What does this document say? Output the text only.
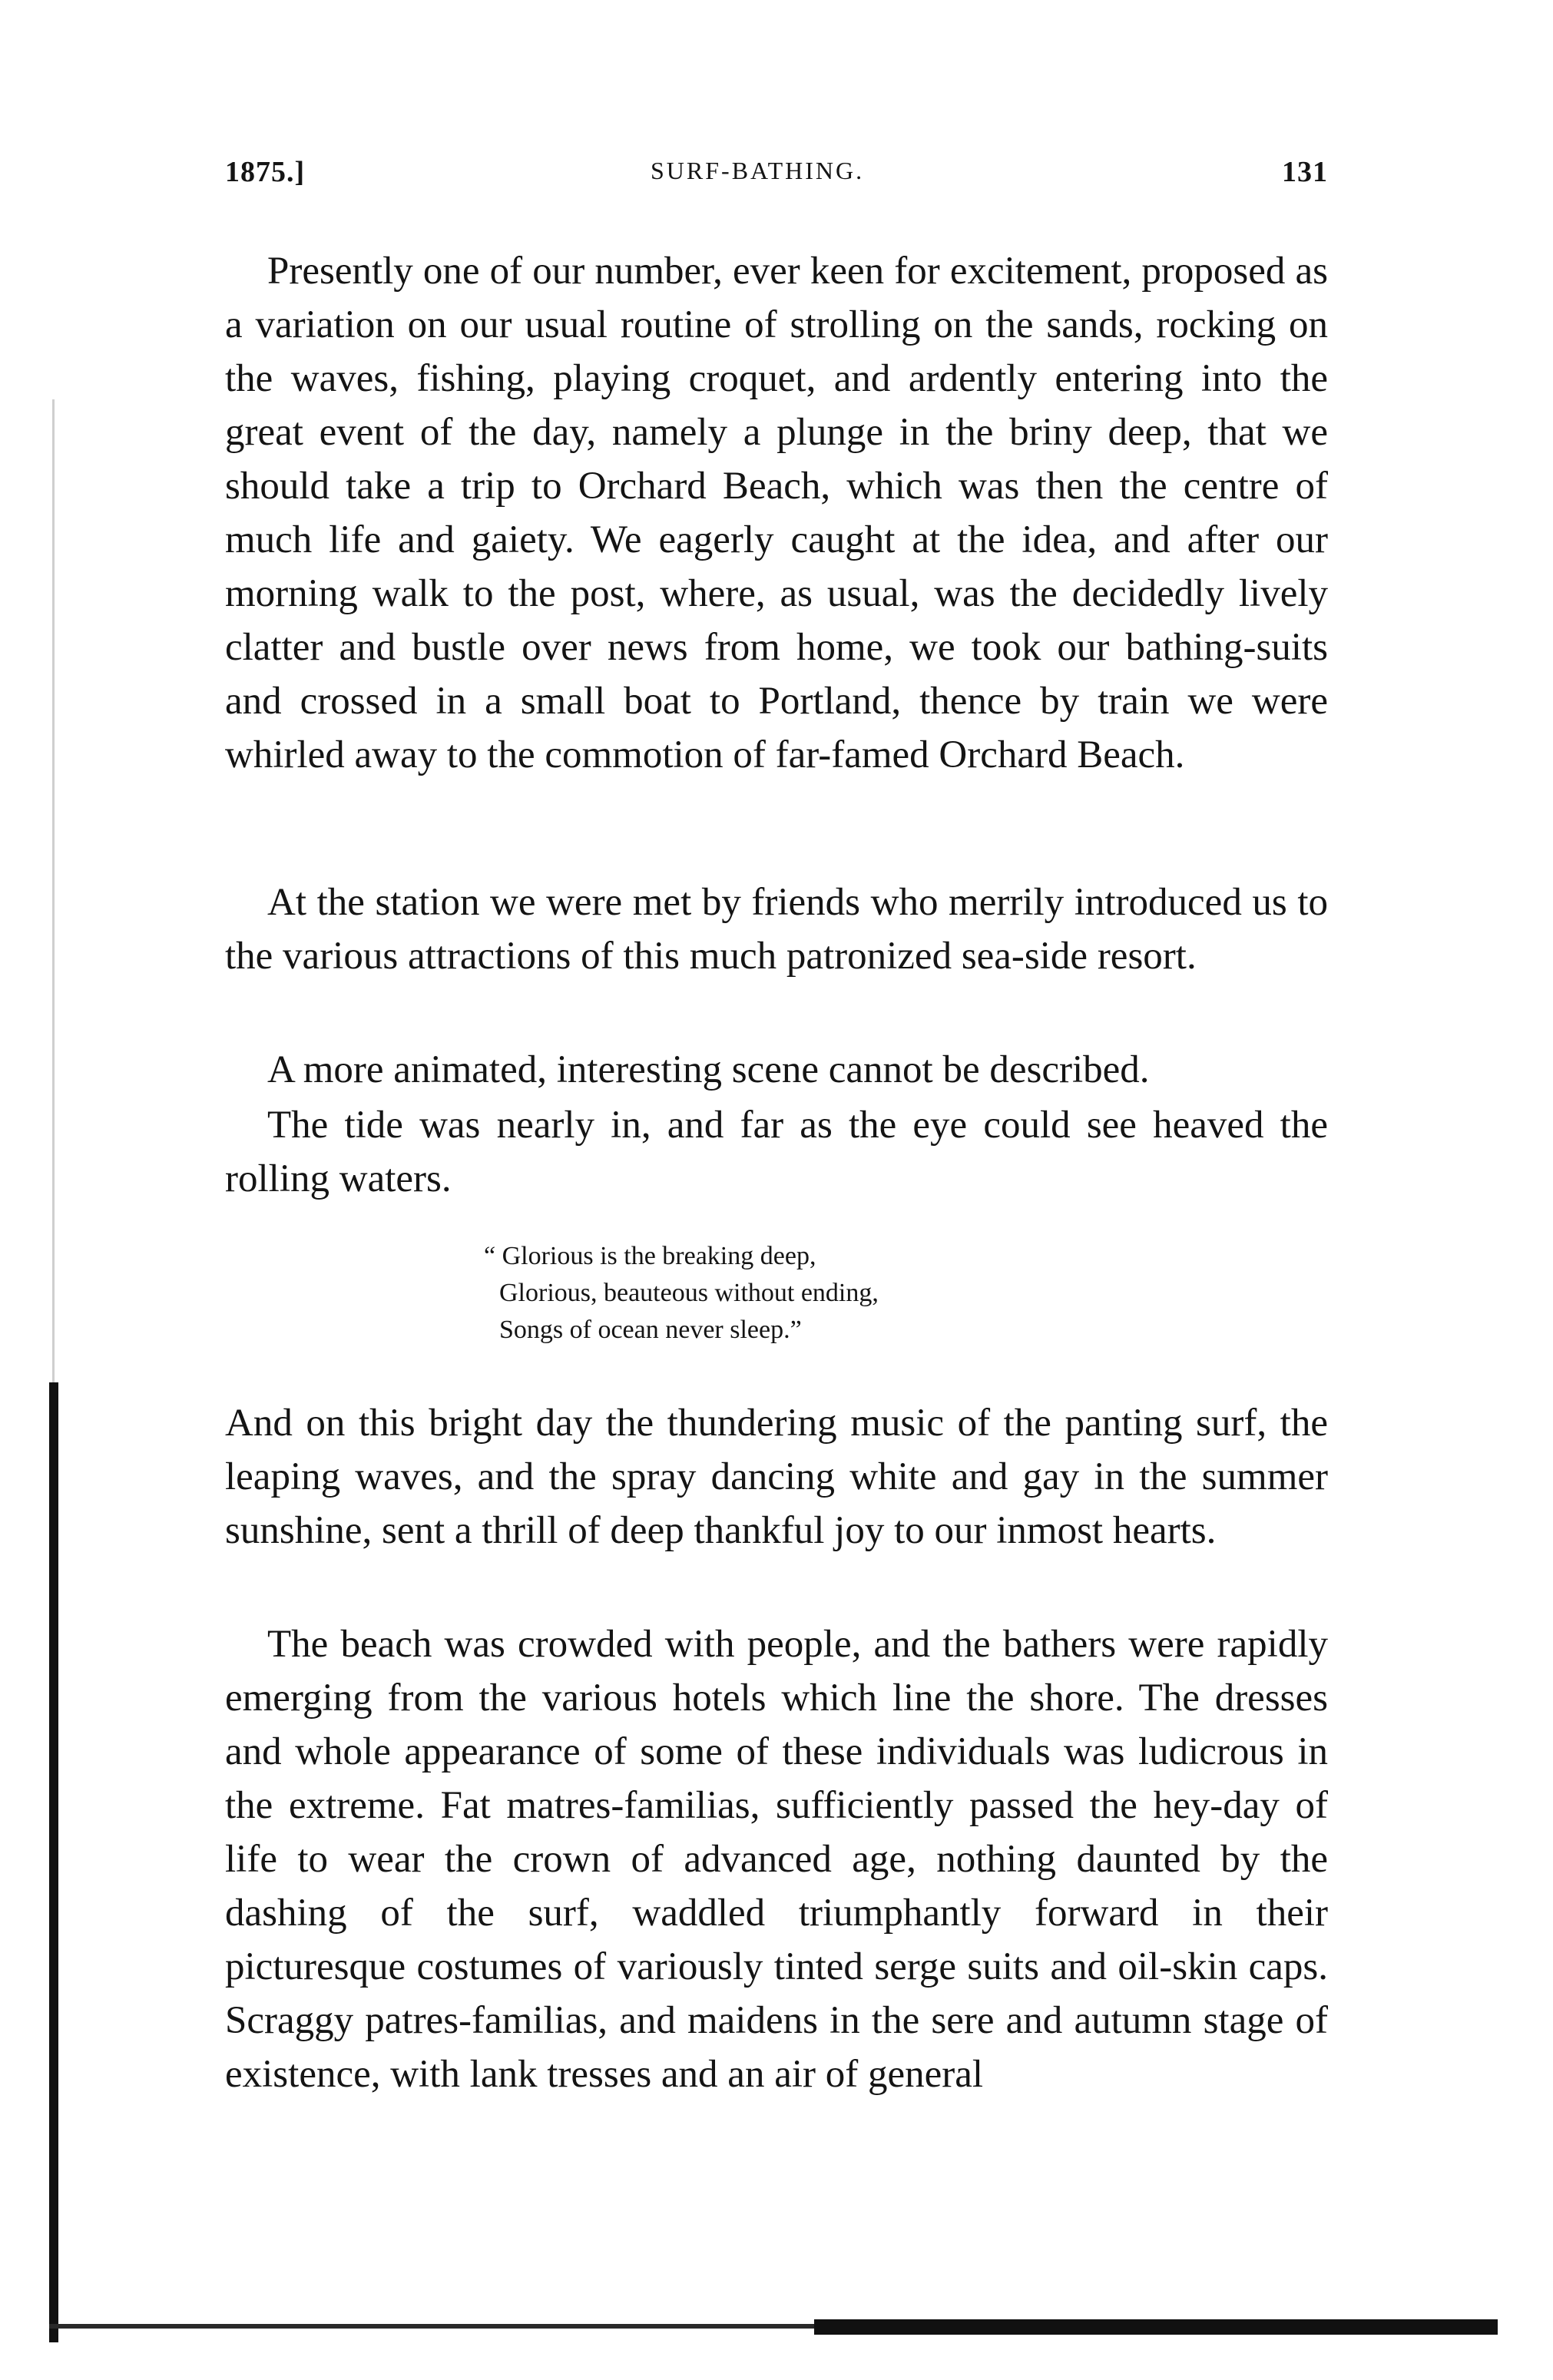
1875.]	SURF-BATHING.	131

Presently one of our number, ever keen for excitement, proposed as a variation on our usual routine of strolling on the sands, rocking on the waves, fishing, playing croquet, and ardently entering into the great event of the day, namely a plunge in the briny deep, that we should take a trip to Orchard Beach, which was then the centre of much life and gaiety. We eagerly caught at the idea, and after our morning walk to the post, where, as usual, was the decidedly lively clatter and bustle over news from home, we took our bathing-suits and crossed in a small boat to Portland, thence by train we were whirled away to the commotion of far-famed Orchard Beach.

At the station we were met by friends who merrily introduced us to the various attractions of this much patronized sea-side resort.

A more animated, interesting scene cannot be described.

The tide was nearly in, and far as the eye could see heaved the rolling waters.

“ Glorious is the breaking deep,
Glorious, beauteous without ending,
Songs of ocean never sleep.”

And on this bright day the thundering music of the panting surf, the leaping waves, and the spray dancing white and gay in the summer sunshine, sent a thrill of deep thankful joy to our inmost hearts.

The beach was crowded with people, and the bathers were rapidly emerging from the various hotels which line the shore. The dresses and whole appearance of some of these individuals was ludicrous in the extreme. Fat matres-familias, sufficiently passed the hey-day of life to wear the crown of advanced age, nothing daunted by the dashing of the surf, waddled triumphantly forward in their picturesque costumes of variously tinted serge suits and oil-skin caps. Scraggy patres-familias, and maidens in the sere and autumn stage of existence, with lank tresses and an air of general
